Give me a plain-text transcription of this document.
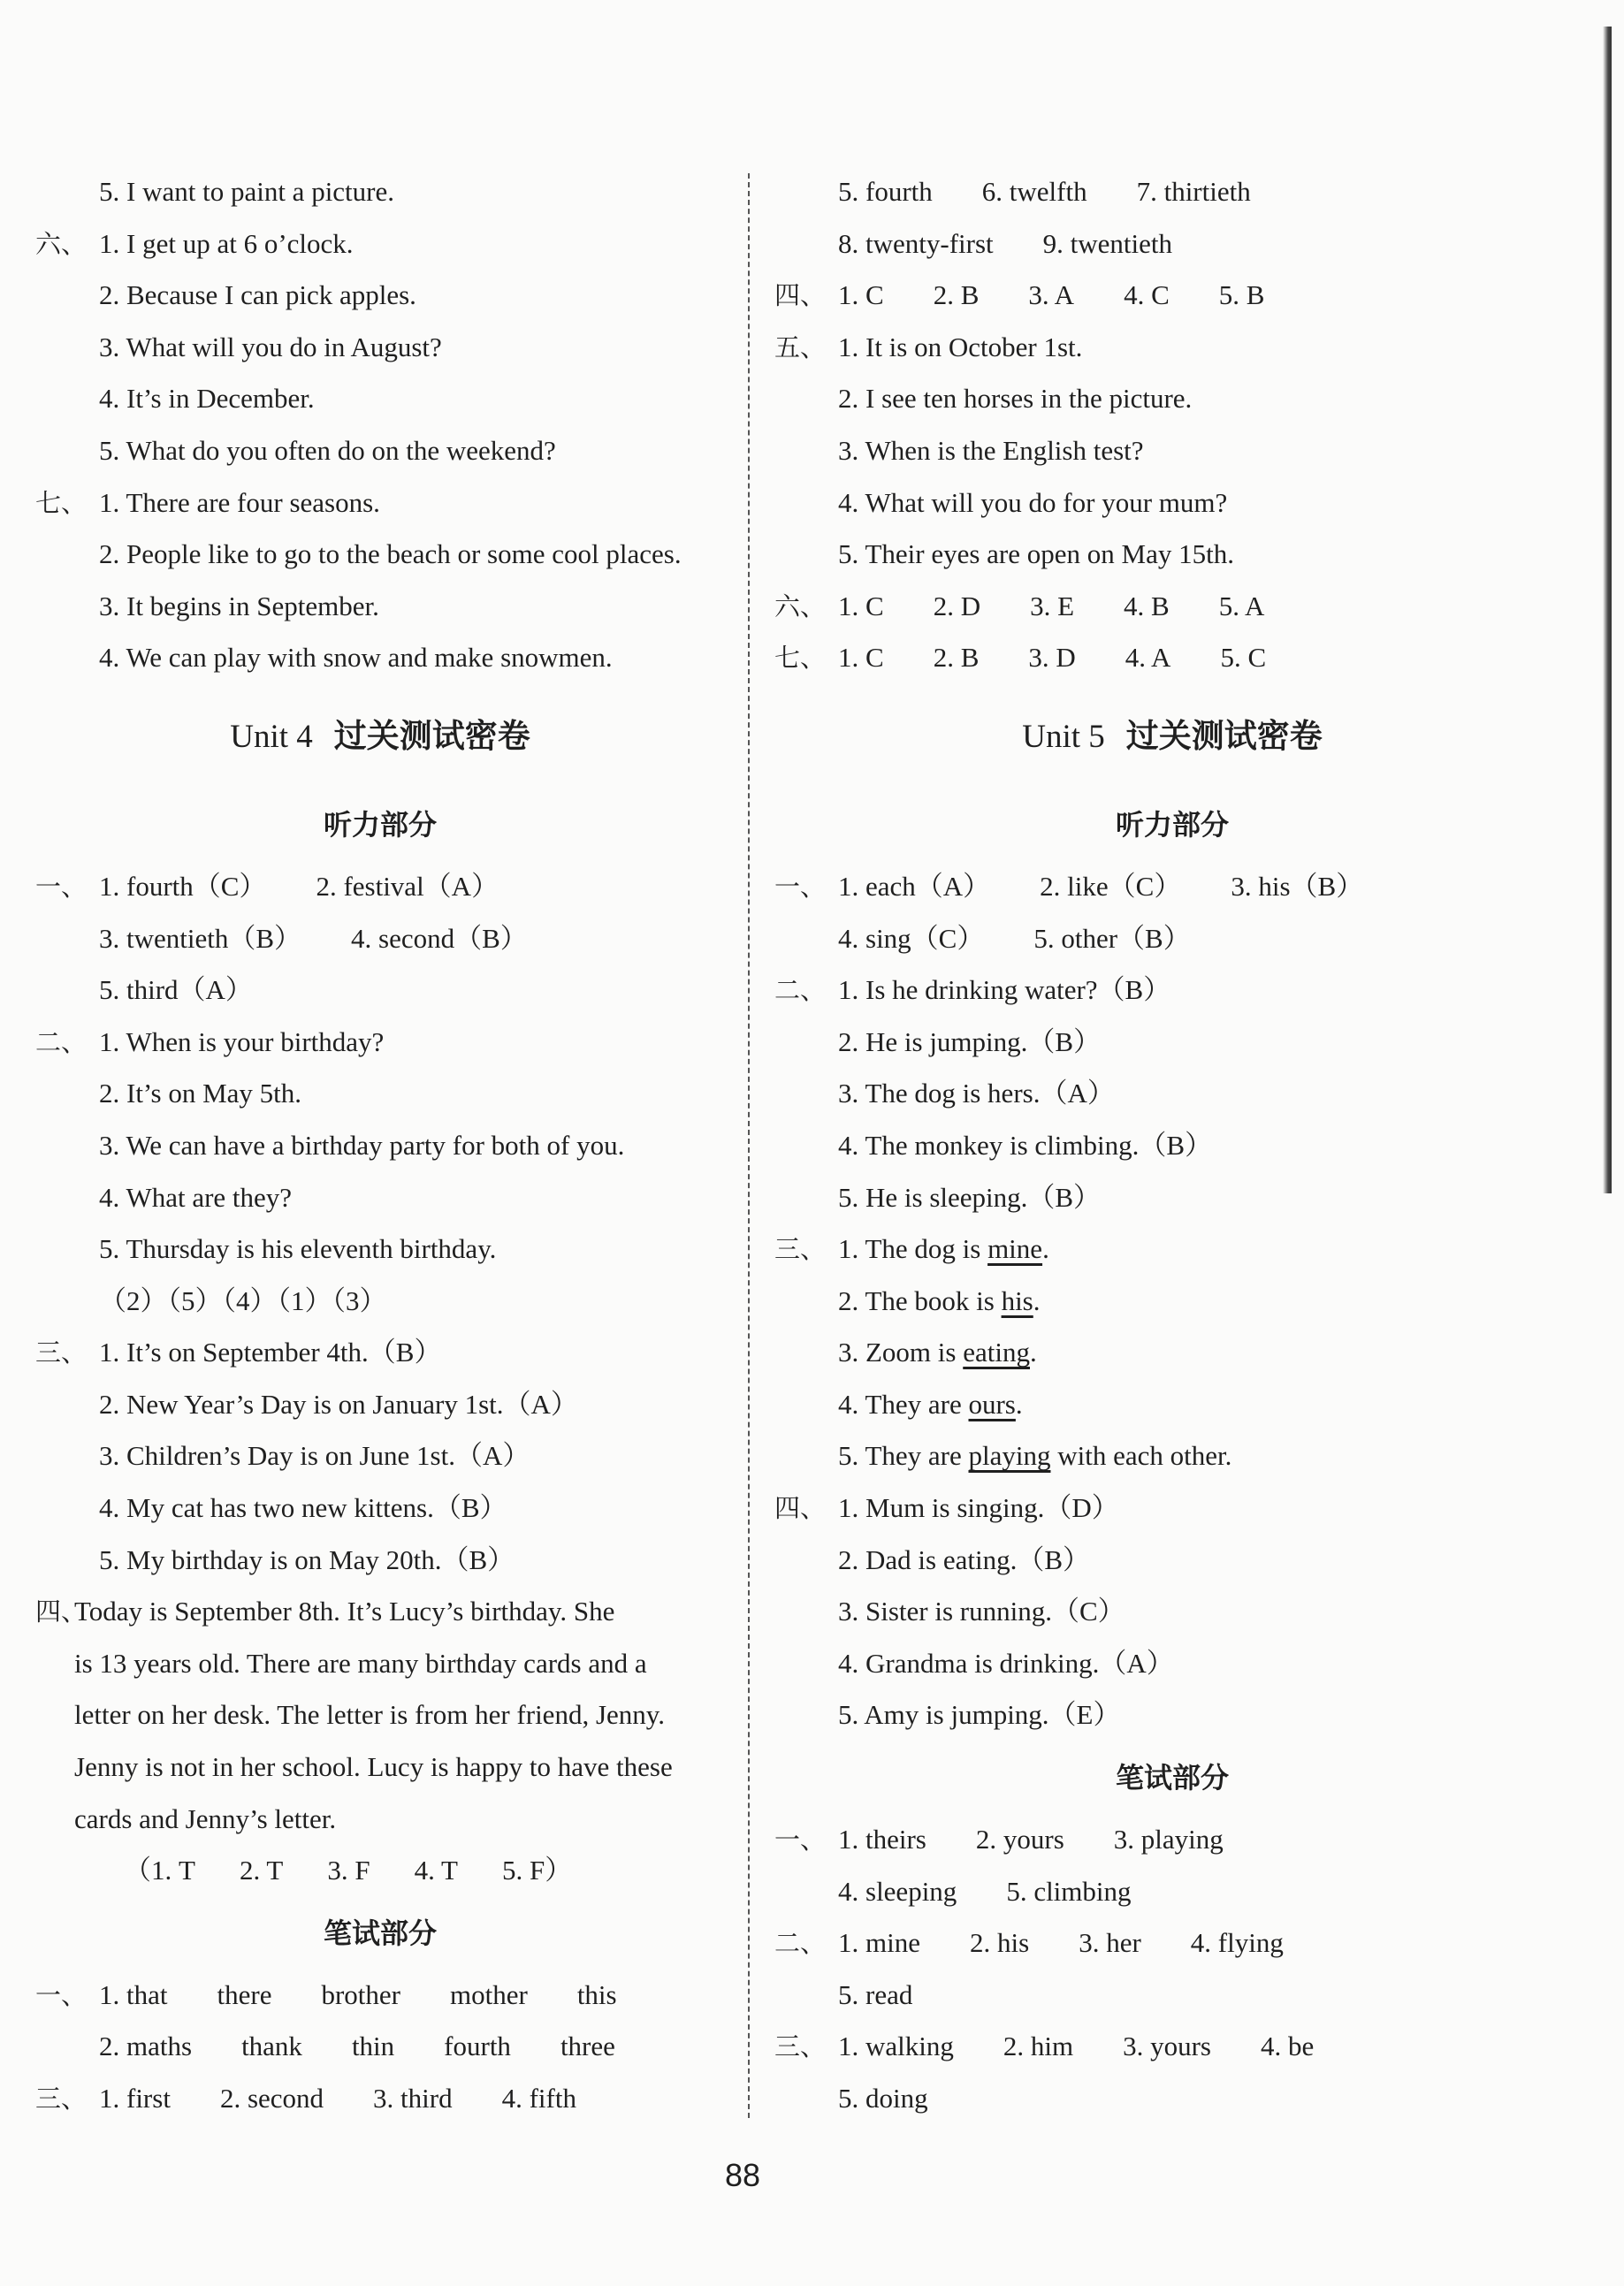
5. I want to paint a picture.
六、 1. I get up at 6 o’clock.
2. Because I can pick apples.
3. What will you do in August?
4. It’s in December.
5. What do you often do on the weekend?
七、 1. There are four seasons.
2. People like to go to the beach or some cool places.
3. It begins in September.
4. We can play with snow and make snowmen.
Unit 4 过关测试密卷
听力部分
一、 1. fourth（C） 2. festival（A）
3. twentieth（B） 4. second（B）
5. third（A）
二、 1. When is your birthday?
2. It’s on May 5th.
3. We can have a birthday party for both of you.
4. What are they?
5. Thursday is his eleventh birthday.
（2）（5）（4）（1）（3）
三、 1. It’s on September 4th.（B）
2. New Year’s Day is on January 1st.（A）
3. Children’s Day is on June 1st.（A）
4. My cat has two new kittens.（B）
5. My birthday is on May 20th.（B）
四、Today is September 8th. It’s Lucy’s birthday. She
is 13 years old. There are many birthday cards and a
letter on her desk. The letter is from her friend, Jenny.
Jenny is not in her school. Lucy is happy to have these
cards and Jenny’s letter.
（1. T 2. T 3. F 4. T 5. F）
笔试部分
一、 1. that there brother mother this
2. maths thank thin fourth three
三、 1. first 2. second 3. third 4. fifth
5. fourth 6. twelfth 7. thirtieth
8. twenty-first 9. twentieth
四、 1. C 2. B 3. A 4. C 5. B
五、 1. It is on October 1st.
2. I see ten horses in the picture.
3. When is the English test?
4. What will you do for your mum?
5. Their eyes are open on May 15th.
六、 1. C 2. D 3. E 4. B 5. A
七、 1. C 2. B 3. D 4. A 5. C
Unit 5 过关测试密卷
听力部分
一、 1. each（A） 2. like（C） 3. his（B）
4. sing（C） 5. other（B）
二、 1. Is he drinking water?（B）
2. He is jumping.（B）
3. The dog is hers.（A）
4. The monkey is climbing.（B）
5. He is sleeping.（B）
三、 1. The dog is mine.
2. The book is his.
3. Zoom is eating.
4. They are ours.
5. They are playing with each other.
四、 1. Mum is singing.（D）
2. Dad is eating.（B）
3. Sister is running.（C）
4. Grandma is drinking.（A）
5. Amy is jumping.（E）
笔试部分
一、 1. theirs 2. yours 3. playing
4. sleeping 5. climbing
二、 1. mine 2. his 3. her 4. flying
5. read
三、 1. walking 2. him 3. yours 4. be
5. doing
88
